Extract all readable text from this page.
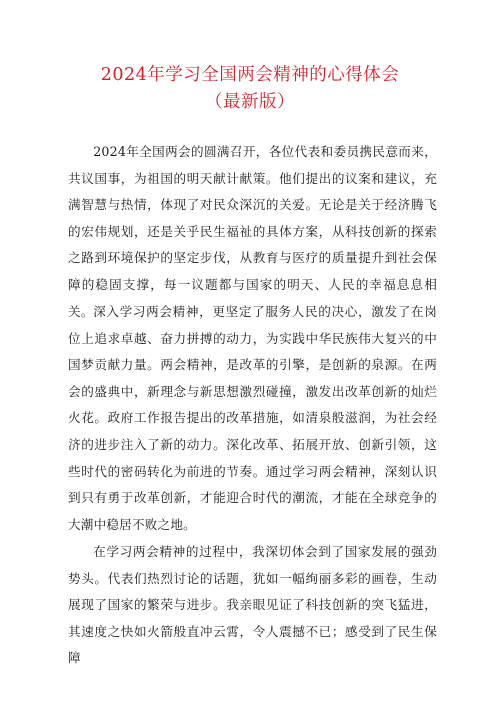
2024年学习全国两会精神的心得体会
（最新版）

2024年全国两会的圆满召开，各位代表和委员携民意而来，共议国事，为祖国的明天献计献策。他们提出的议案和建议，充满智慧与热情，体现了对民众深沉的关爱。无论是关于经济腾飞的宏伟规划，还是关乎民生福祉的具体方案，从科技创新的探索之路到环境保护的坚定步伐，从教育与医疗的质量提升到社会保障的稳固支撑，每一议题都与国家的明天、人民的幸福息息相关。 深入学习两会精神，更坚定了服务人民的决心，激发了在岗位上追求卓越、奋力拼搏的动力，为实践中华民族伟大复兴的中国梦贡献力量。两会精神，是改革的引擎，是创新的泉源。在两会的盛典中，新理念与新思想激烈碰撞，激发出改革创新的灿烂火花。政府工作报告提出的改革措施，如清泉般滋润，为社会经济的进步注入了新的动力。深化改革、拓展开放、创新引领，这些时代的密码转化为前进的节奏。通过学习两会精神，深刻认识到只有勇于改革创新，才能迎合时代的潮流，才能在全球竞争的大潮中稳居不败之地。

在学习两会精神的过程中，我深切体会到了国家发展的强劲势头。代表们热烈讨论的话题，犹如一幅绚丽多彩的画卷，生动展现了国家的繁荣与进步。我亲眼见证了科技创新的突飞猛进，其速度之快如火箭般直冲云霄，令人震撼不已；感受到了民生保障
